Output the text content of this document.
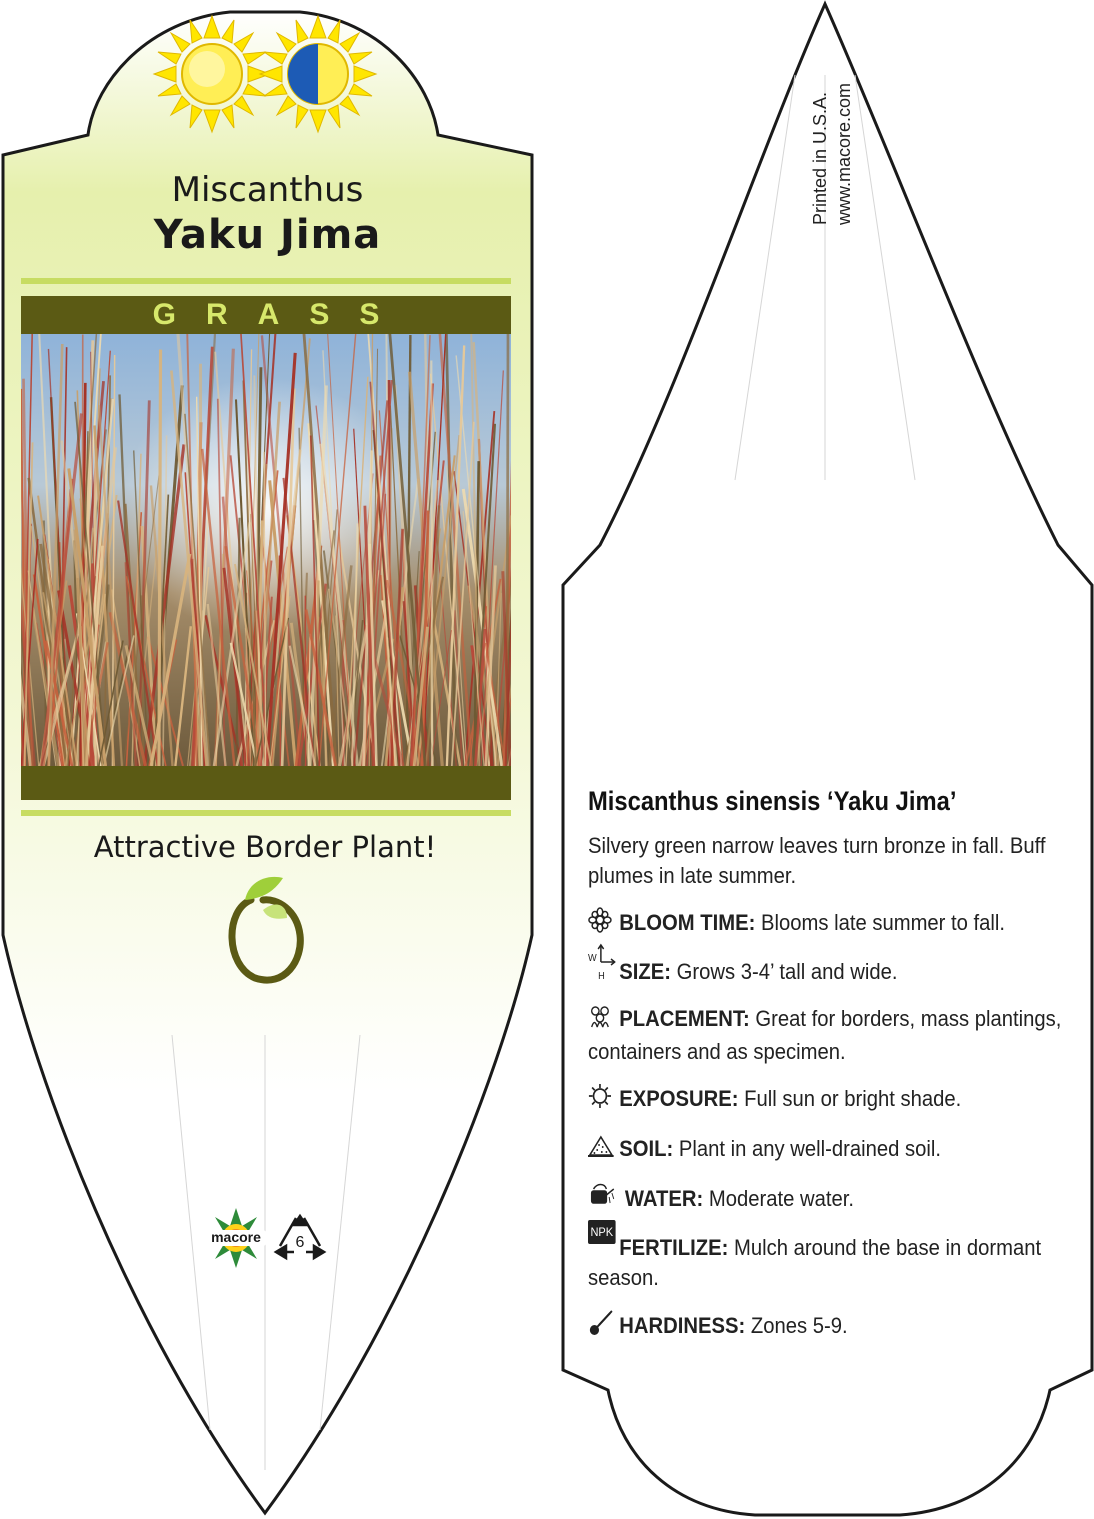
Miscanthus
Yaku Jima
GRASS
Attractive Border Plant!
macore	6
Printed in U.S.A. www.macore.com
Miscanthus sinensis ‘Yaku Jima’
Silvery green narrow leaves turn bronze in fall. Buff plumes in late summer.
BLOOM TIME: Blooms late summer to fall.
W
H SIZE: Grows 3-4’ tall and wide.
PLACEMENT: Great for borders, mass plantings, containers and as specimen.
EXPOSURE: Full sun or bright shade.
SOIL: Plant in any well-drained soil.
WATER: Moderate water.
NPK
FERTILIZE: Mulch around the base in dormant season.
HARDINESS: Zones 5-9.
